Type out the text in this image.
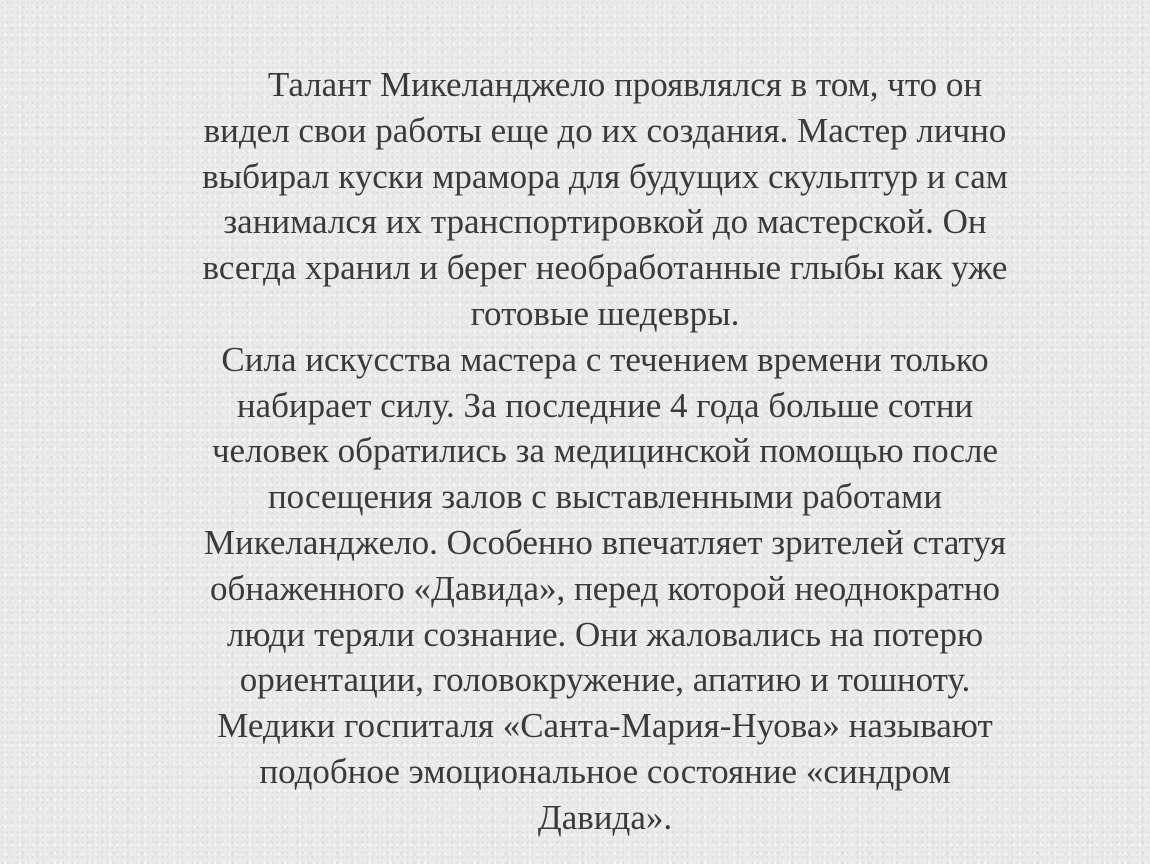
Талант Микеланджело проявлялся в том, что он
видел свои работы еще до их создания. Мастер лично
выбирал куски мрамора для будущих скульптур и сам
занимался их транспортировкой до мастерской. Он
всегда хранил и берег необработанные глыбы как уже
готовые шедевры.

Сила искусства мастера с течением времени только
набирает силу. За последние 4 года больше сотни
человек обратились за медицинской помощью после
посещения залов с выставленными работами
Микеланджело. Особенно впечатляет зрителей статуя
обнаженного «Давида», перед которой неоднократно
люди теряли сознание. Они жаловались на потерю
ориентации, головокружение, апатию и тошноту.
Медики госпиталя «Санта-Мария-Нуова» называют
подобное эмоциональное состояние «синдром
Давида».
